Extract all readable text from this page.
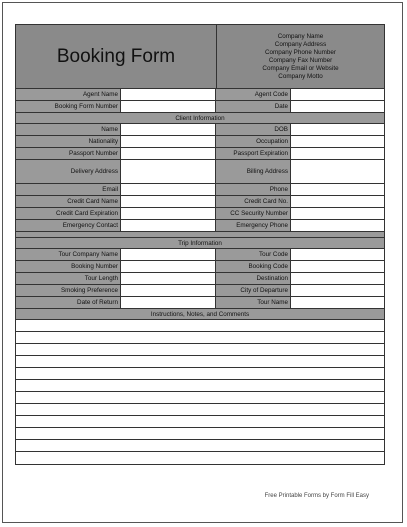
Booking Form
Company Name
Company Address
Company Phone Number
Company Fax Number
Company Email or Website
Company Motto
Agent Name	Agent Code
Booking Form Number	Date
Client Information
Name	DOB
Nationality	Occupation
Passport Number	Passport Expiration
Delivery Address	Billing Address
Email	Phone
Credit Card Name	Credit Card No.
Credit Card Expiration	CC Security Number
Emergency Contact	Emergency Phone
Trip Information
Tour Company Name	Tour Code
Booking Number	Booking Code
Tour Length	Destination
Smoking Preference	City of Departure
Date of Return	Tour Name
Instructions, Notes, and Comments
Free Printable Forms by Form Fill Easy
